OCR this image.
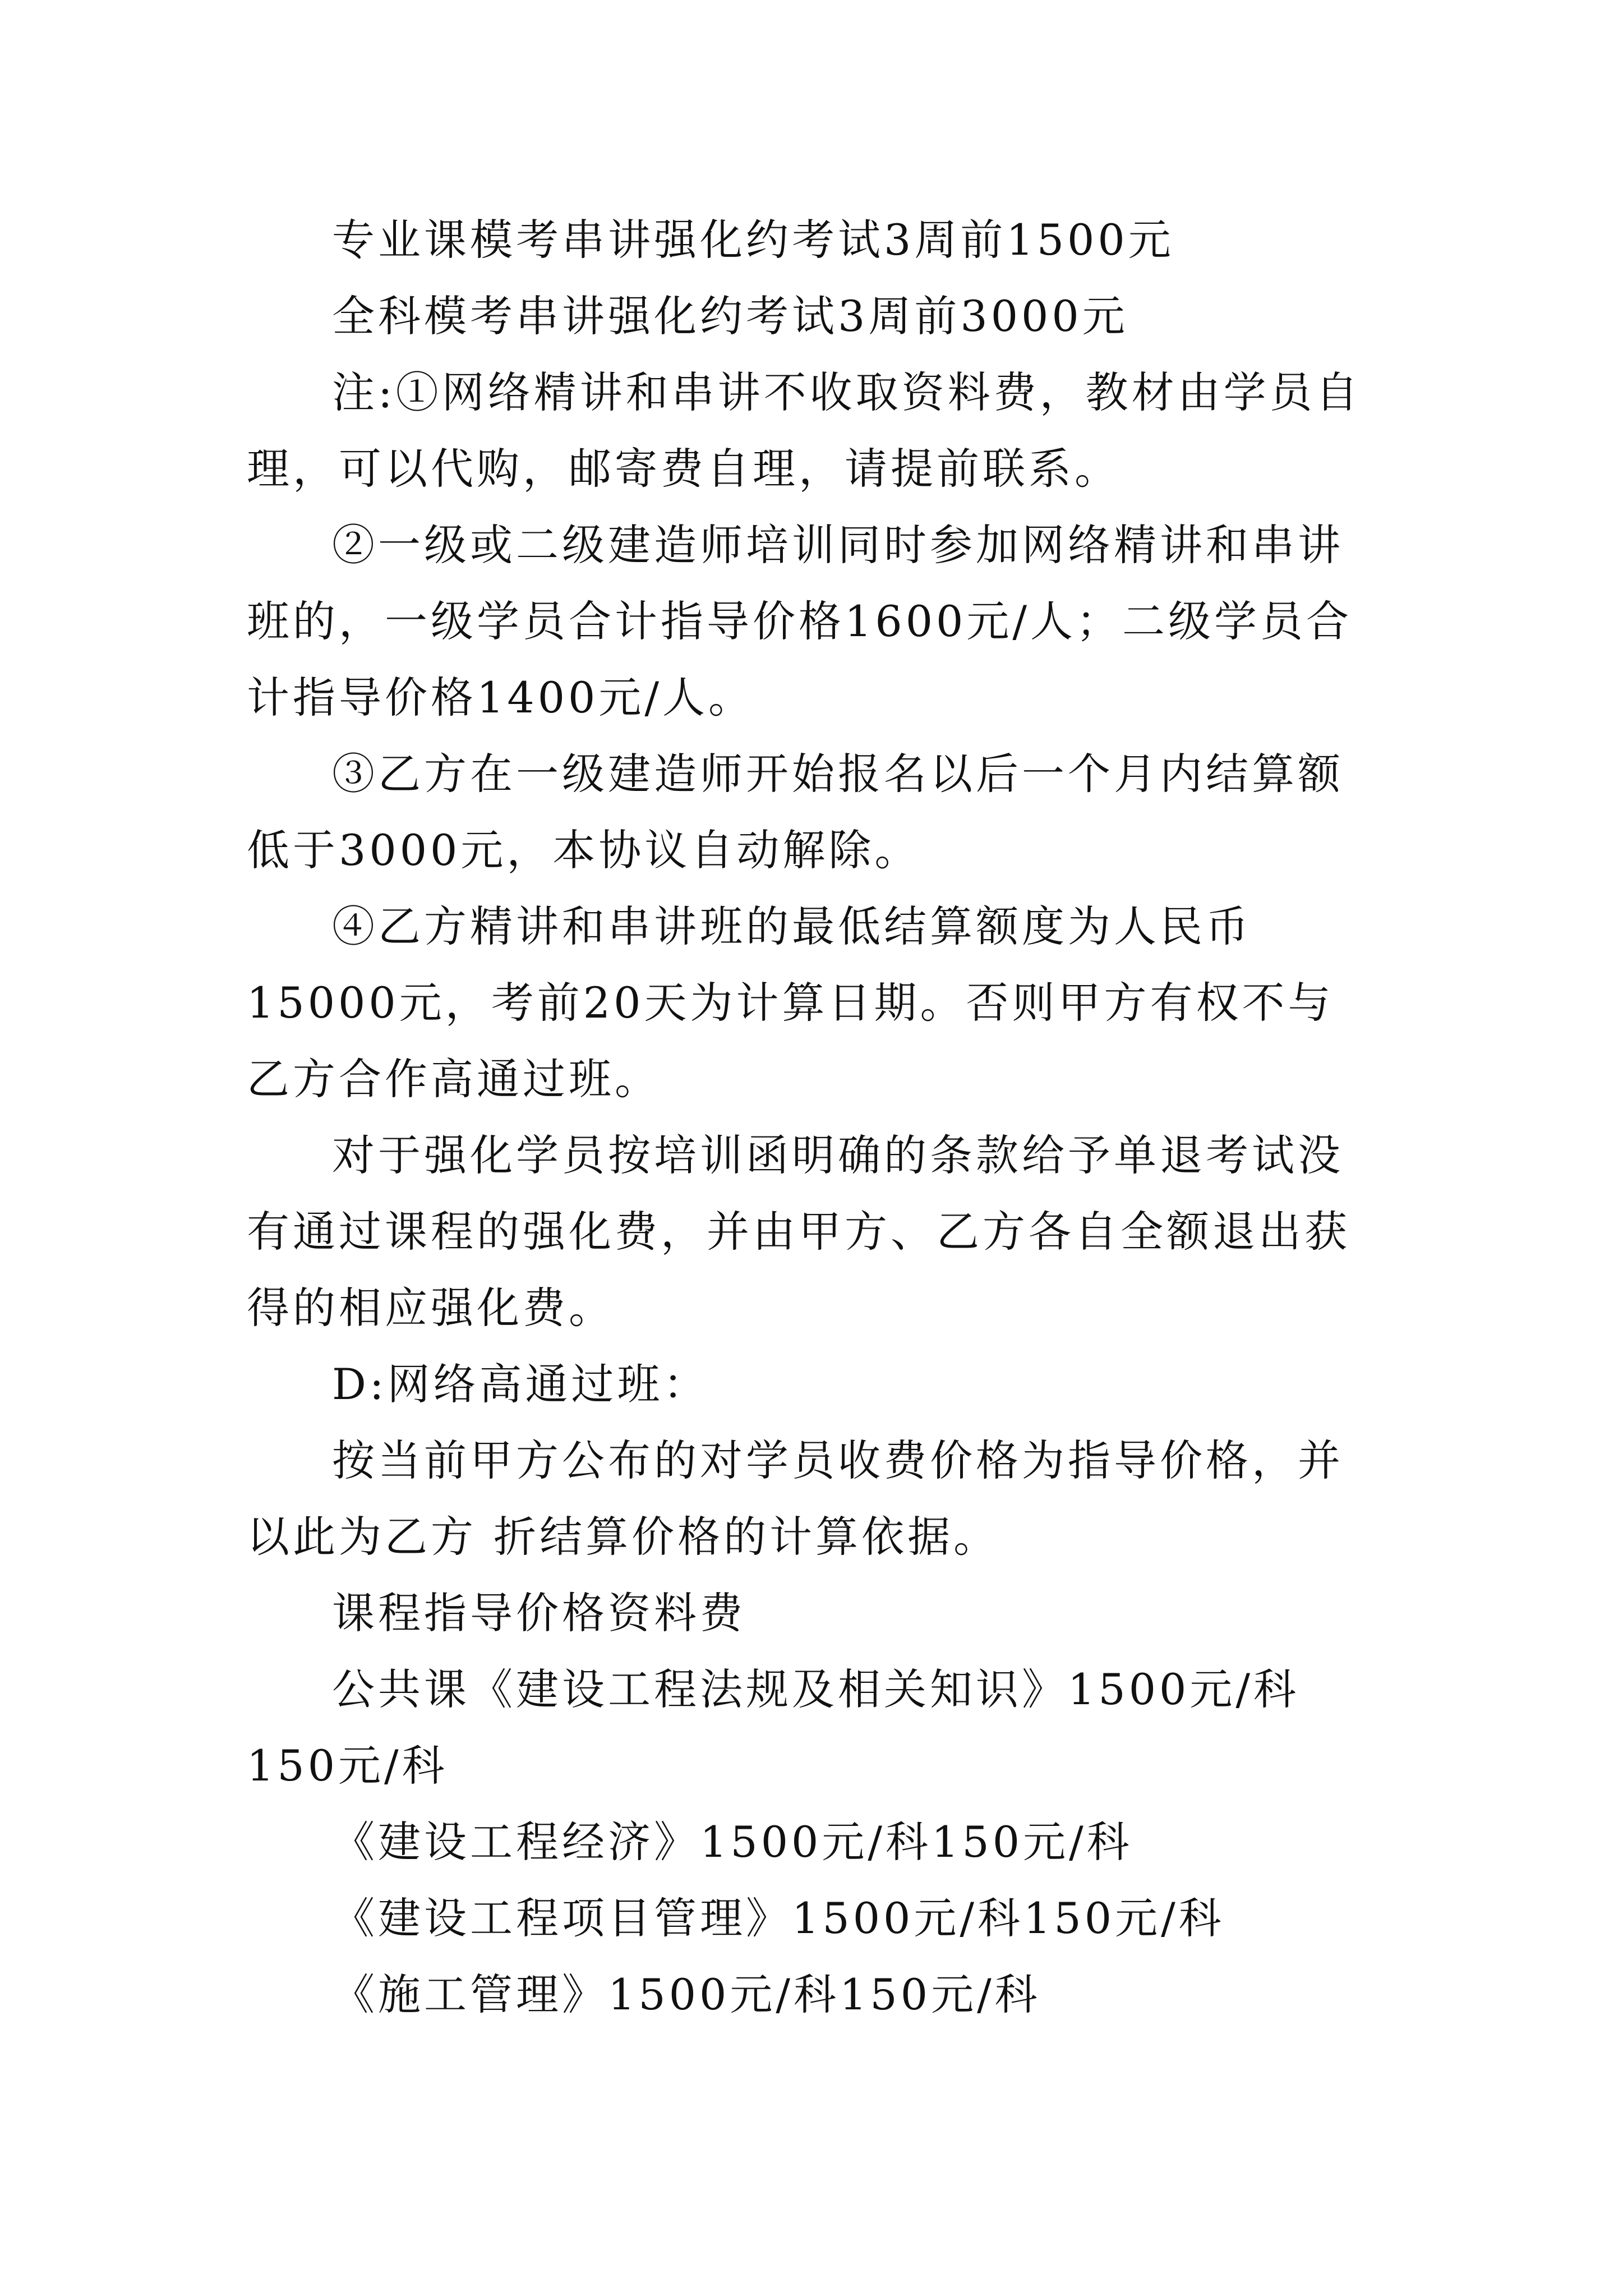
专业课模考串讲强化约考试3周前1500元

全科模考串讲强化约考试3周前3000元

注:①网络精讲和串讲不收取资料费，教材由学员自理，可以代购，邮寄费自理，请提前联系。

②一级或二级建造师培训同时参加网络精讲和串讲班的，一级学员合计指导价格1600元/人；二级学员合计指导价格1400元/人。

③乙方在一级建造师开始报名以后一个月内结算额低于3000元，本协议自动解除。

④乙方精讲和串讲班的最低结算额度为人民币15000元，考前20天为计算日期。否则甲方有权不与乙方合作高通过班。

对于强化学员按培训函明确的条款给予单退考试没有通过课程的强化费，并由甲方、乙方各自全额退出获得的相应强化费。

D:网络高通过班：

按当前甲方公布的对学员收费价格为指导价格，并以此为乙方 折结算价格的计算依据。

课程指导价格资料费

公共课《建设工程法规及相关知识》1500元/科150元/科

《建设工程经济》1500元/科150元/科

《建设工程项目管理》1500元/科150元/科

《施工管理》1500元/科150元/科
